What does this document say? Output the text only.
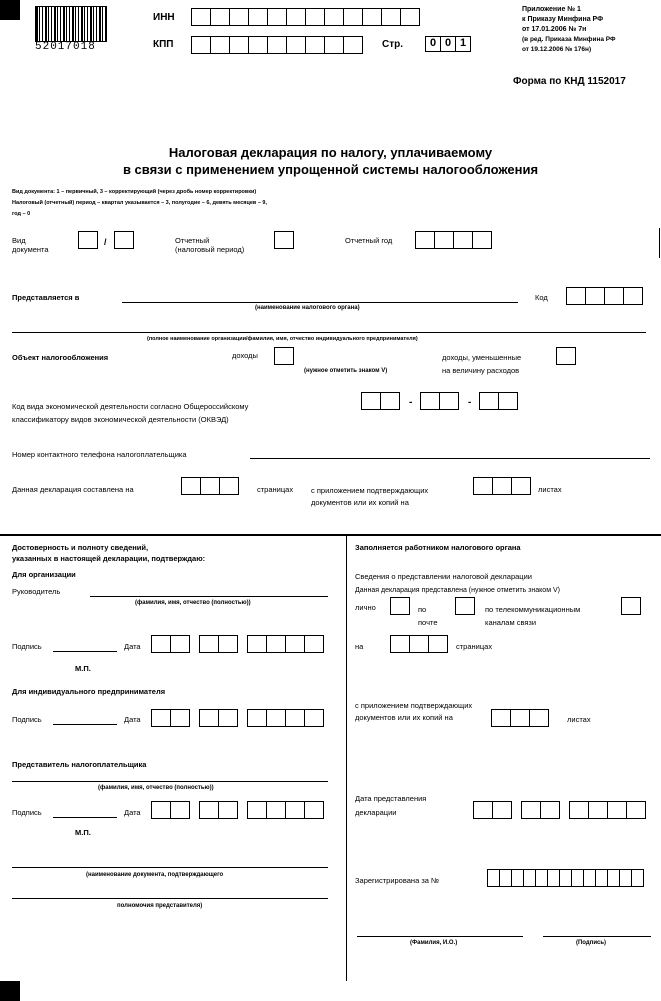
52017018
ИНН
КПП	Стр.	0 0 1
Приложение № 1
к Приказу Минфина РФ
от 17.01.2006 № 7н
(в ред. Приказа Минфина РФ
от 19.12.2006 № 176н)
Форма по КНД 1152017
Налоговая декларация по налогу, уплачиваемому
в связи с применением упрощенной системы налогообложения
Вид документа: 1 – первичный, 3 – корректирующий (через дробь номер корректировки)
Налоговый (отчетный) период – квартал указывается – 3, полугодие – 6, девять месяцев – 9,
год – 0
Вид
документа
/	Отчетный
(налоговый период)
Отчетный год
Представляется в
(наименование налогового органа)
Код
(полное наименование организации/фамилия, имя, отчество индивидуального предпринимателя)
Объект налогообложения	доходы
(нужное отметить знаком V)
доходы, уменьшенные
на величину расходов
Код вида экономической деятельности согласно Общероссийскому
классификатору видов экономической деятельности (ОКВЭД)
-	-
Номер контактного телефона налогоплательщика
Данная декларация составлена на	страницах с приложением подтверждающих
документов или их копий на
листах
Достоверность и полноту сведений,
указанных в настоящей декларации, подтверждаю:
Для организации
Руководитель
(фамилия, имя, отчество (полностью))
Подпись	Дата
М.П.
Для индивидуального предпринимателя
Подпись	Дата
Представитель налогоплательщика
(фамилия, имя, отчество (полностью))
Подпись	Дата
М.П.
(наименование документа, подтверждающего
полномочия представителя)
Заполняется работником налогового органа
Сведения о представлении налоговой декларации
Данная декларация представлена (нужное отметить знаком V)
лично	по
почте
по телекоммуникационным
каналам связи
на	страницах
с приложением подтверждающих
документов или их копий на	листах
Дата представления
декларации
Зарегистрирована за №
(Фамилия, И.О.)	(Подпись)
